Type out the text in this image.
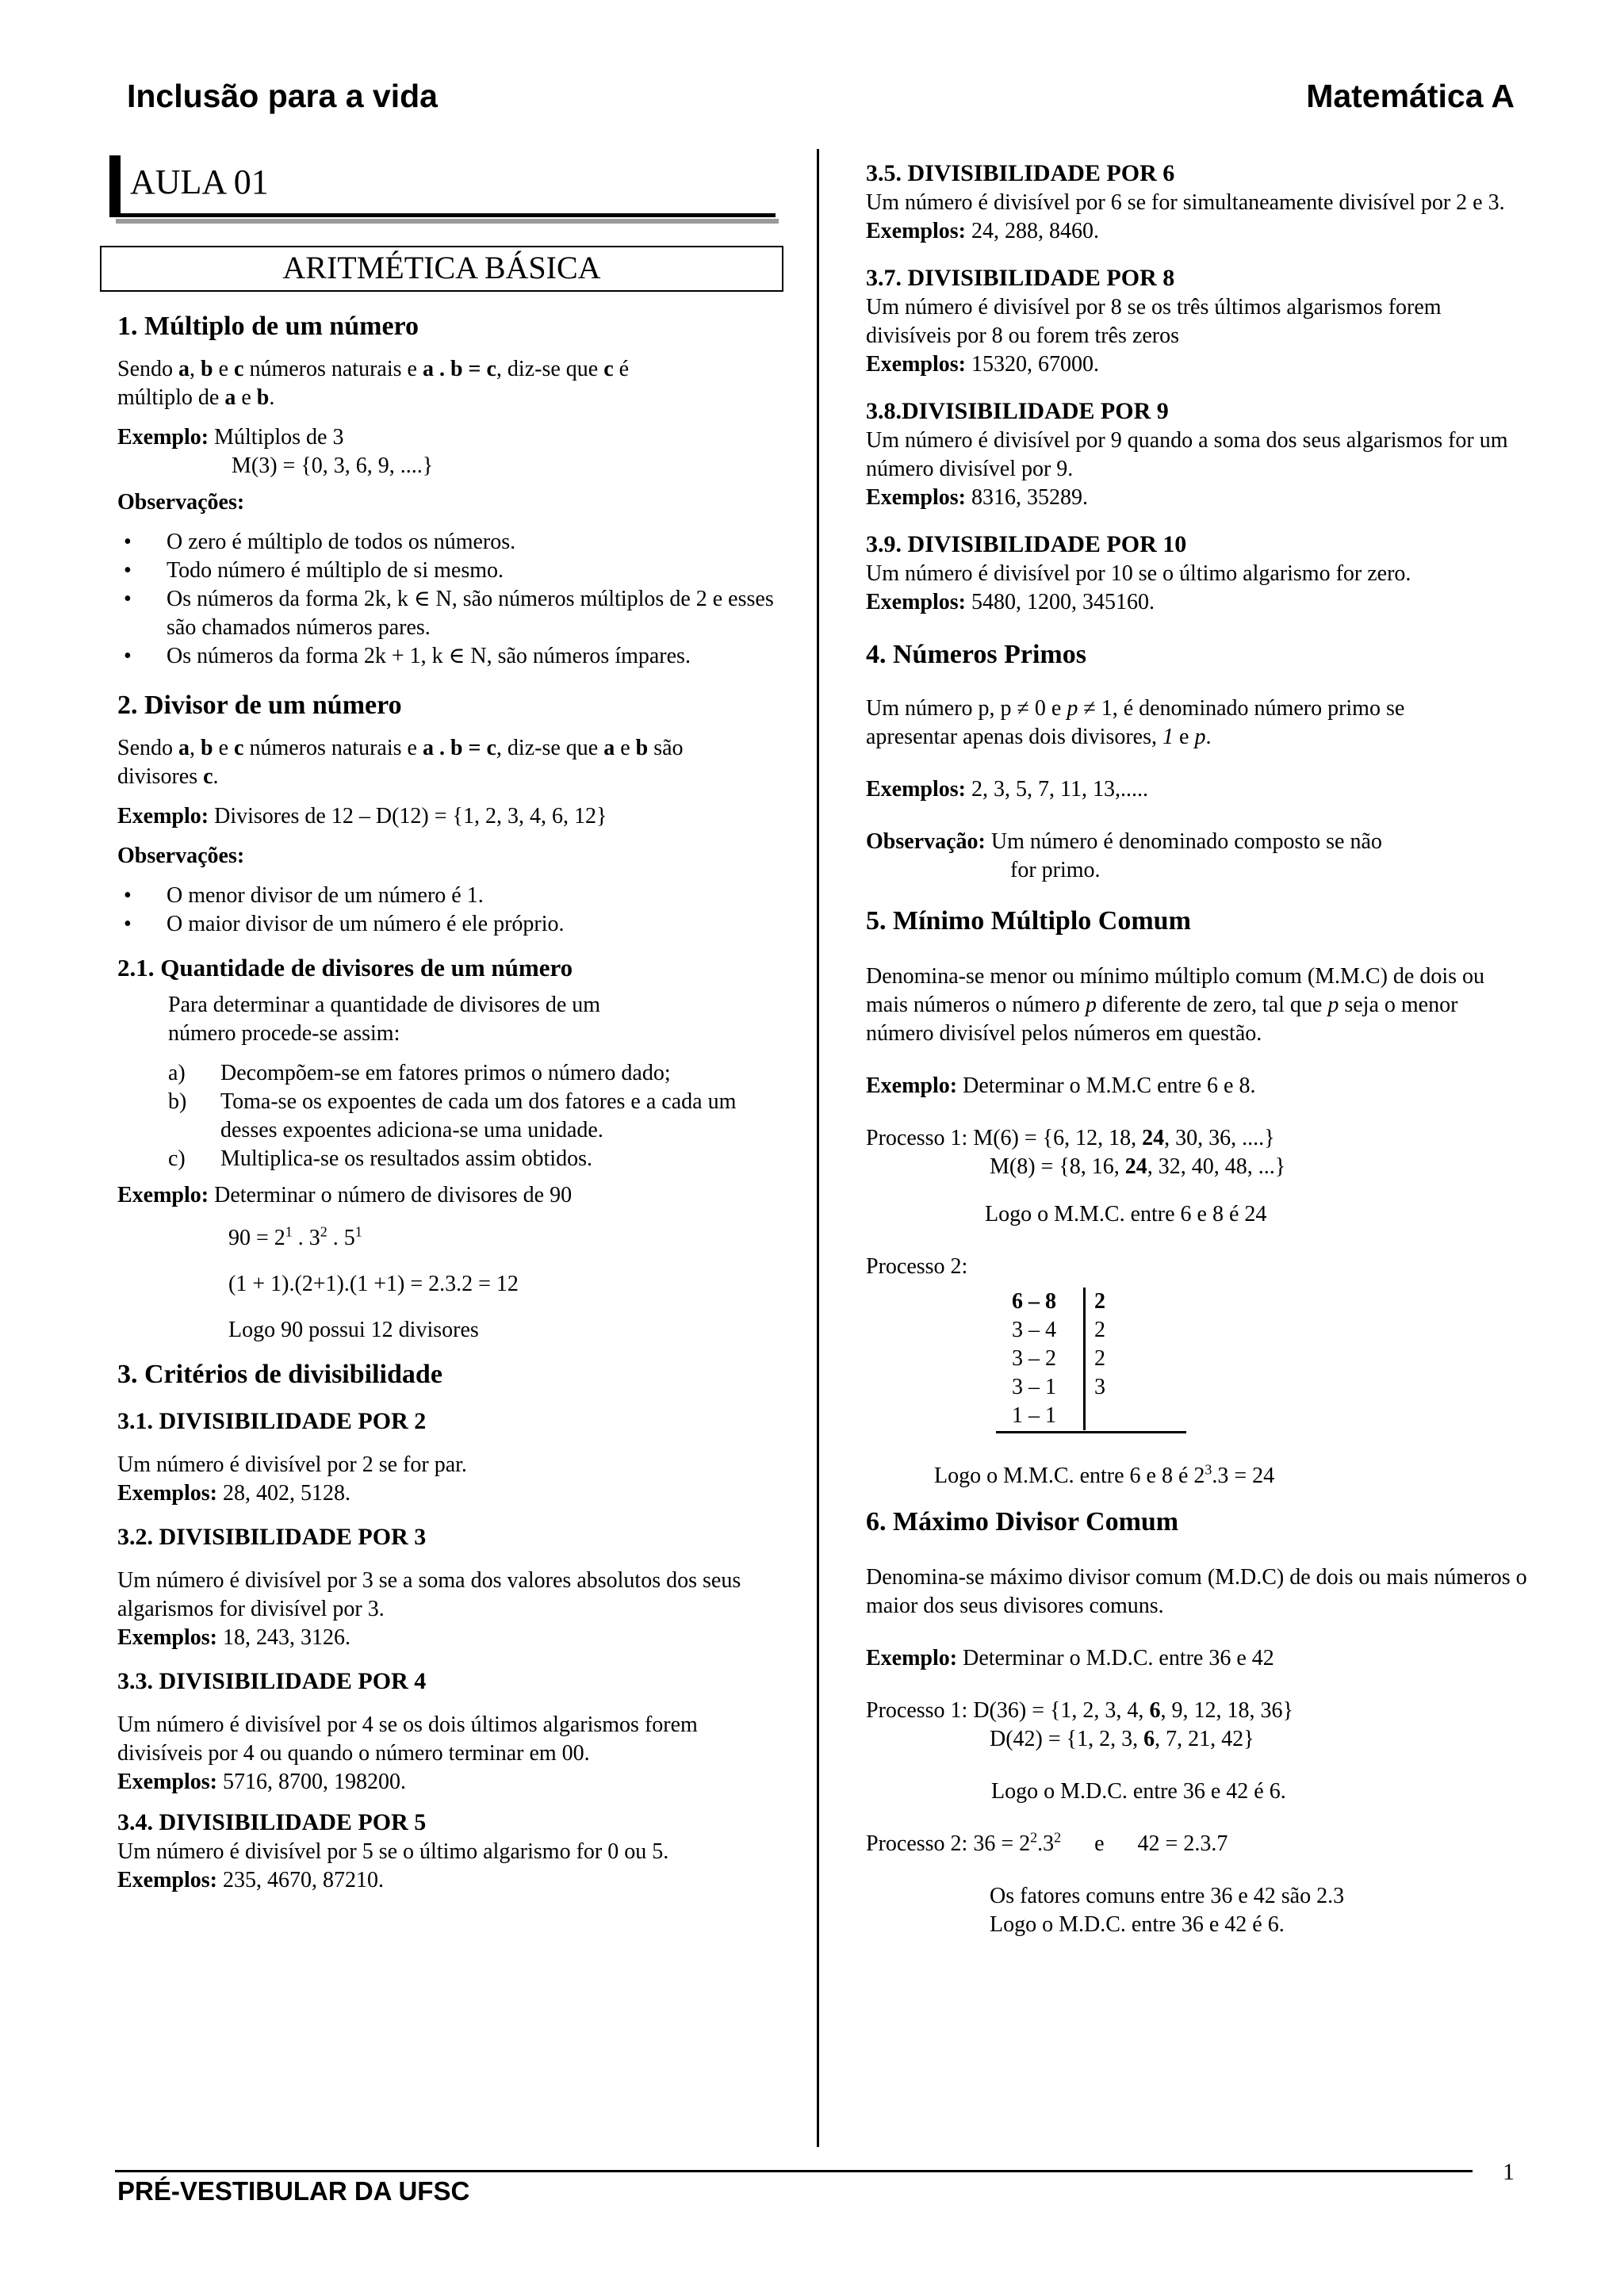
Inclusão para a vida	Matemática A
AULA 01
ARITMÉTICA BÁSICA
1. Múltiplo de um número

Sendo a, b e c números naturais e a . b = c, diz-se que c é
múltiplo de a e b.

Exemplo: Múltiplos de 3
M(3) = {0, 3, 6, 9, ....}

Observações:

• O zero é múltiplo de todos os números.
• Todo número é múltiplo de si mesmo.
• Os números da forma 2k, k ∈ N, são números múltiplos de 2 e esses são chamados números pares.
• Os números da forma 2k + 1, k ∈ N, são números ímpares.
2. Divisor de um número

Sendo a, b e c números naturais e a . b = c, diz-se que a e b são
divisores c.

Exemplo: Divisores de 12 – D(12) = {1, 2, 3, 4, 6, 12}

Observações:

• O menor divisor de um número é 1.
• O maior divisor de um número é ele próprio.
2.1. Quantidade de divisores de um número

Para determinar a quantidade de divisores de um
número procede-se assim:

a) Decompõem-se em fatores primos o número dado;
b) Toma-se os expoentes de cada um dos fatores e a cada um desses expoentes adiciona-se uma unidade.
c) Multiplica-se os resultados assim obtidos.

Exemplo: Determinar o número de divisores de 90

$90 = 2^1$ . $3^2$ . $5^1$

(1 + 1).(2+1).(1 +1) = 2.3.2 = 12

Logo 90 possui 12 divisores

3. Critérios de divisibilidade
3.1. DIVISIBILIDADE POR 2

Um número é divisível por 2 se for par.
Exemplos: 28, 402, 5128.

3.2. DIVISIBILIDADE POR 3

Um número é divisível por 3 se a soma dos valores absolutos dos seus algarismos for divisível por 3.
Exemplos: 18, 243, 3126.

3.3. DIVISIBILIDADE POR 4

Um número é divisível por 4 se os dois últimos algarismos forem divisíveis por 4 ou quando o número terminar em 00.
Exemplos: 5716, 8700, 198200.

3.4. DIVISIBILIDADE POR 5

Um número é divisível por 5 se o último algarismo for 0 ou 5.
Exemplos: 235, 4670, 87210.

3.5. DIVISIBILIDADE POR 6

Um número é divisível por 6 se for simultaneamente divisível por 2 e 3.
Exemplos: 24, 288, 8460.

3.7. DIVISIBILIDADE POR 8

Um número é divisível por 8 se os três últimos algarismos forem divisíveis por 8 ou forem três zeros
Exemplos: 15320, 67000.

3.8.DIVISIBILIDADE POR 9

Um número é divisível por 9 quando a soma dos seus algarismos for um número divisível por 9.
Exemplos: 8316, 35289.

3.9. DIVISIBILIDADE POR 10

Um número é divisível por 10 se o último algarismo for zero.
Exemplos: 5480, 1200, 345160.

4. Números Primos

Um número p, p ≠ 0 e p ≠ 1, é denominado número primo se
apresentar apenas dois divisores, 1 e p.

Exemplos: 2, 3, 5, 7, 11, 13,.....

Observação: Um número é denominado composto se não
for primo.

5. Mínimo Múltiplo Comum

Denomina-se menor ou mínimo múltiplo comum (M.M.C) de dois ou mais números o número p diferente de zero, tal que p seja o menor número divisível pelos números em questão.

Exemplo: Determinar o M.M.C entre 6 e 8.

Processo 1: M(6) = {6, 12, 18, 24, 30, 36, ....}
M(8) = {8, 16, 24, 32, 40, 48, ...}

Logo o M.M.C. entre 6 e 8 é 24

Processo 2:

6 – 8	2
3 – 4	2
3 – 2	2
3 – 1	3
1 – 1

Logo o M.M.C. entre 6 e 8 é $2^3.3 = 24$

6. Máximo Divisor Comum

Denomina-se máximo divisor comum (M.D.C) de dois ou mais números o maior dos seus divisores comuns.

Exemplo: Determinar o M.D.C. entre 36 e 42

Processo 1: D(36) = {1, 2, 3, 4, 6, 9, 12, 18, 36}
D(42) = {1, 2, 3, 6, 7, 21, 42}

Logo o M.D.C. entre 36 e 42 é 6.

Processo 2: $36 = 2^2.3^2$      e      42 = 2.3.7

Os fatores comuns entre 36 e 42 são 2.3
Logo o M.D.C. entre 36 e 42 é 6.

PRÉ-VESTIBULAR DA UFSC
1
